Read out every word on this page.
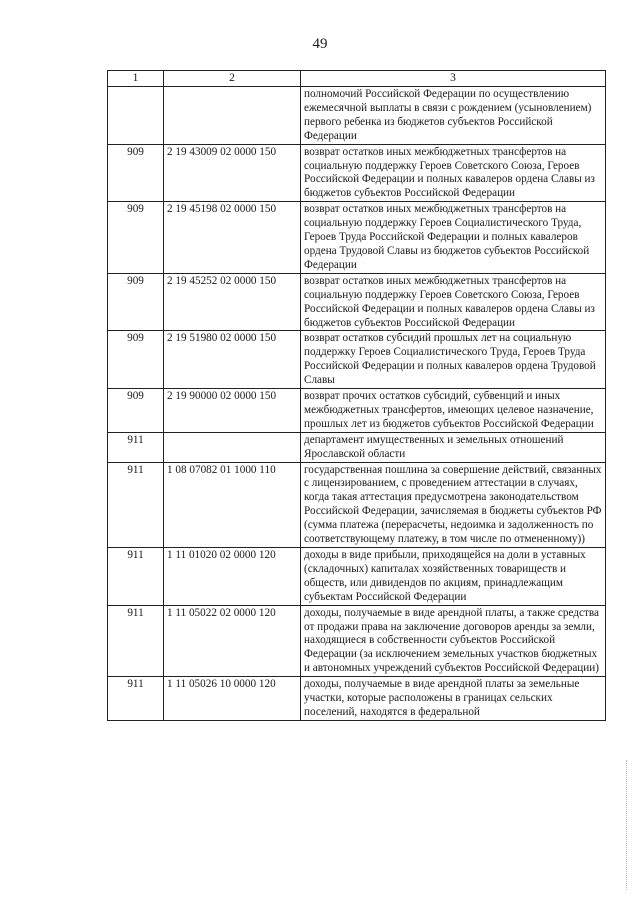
49
1	2	3
		полномочий Российской Федерации по осуществлению ежемесячной выплаты в связи с рождением (усыновлением) первого ребенка из бюджетов субъектов Российской Федерации
909	2 19 43009 02 0000 150	возврат остатков иных межбюджетных трансфертов на социальную поддержку Героев Советского Союза, Героев Российской Федерации и полных кавалеров ордена Славы из бюджетов субъектов Российской Федерации
909	2 19 45198 02 0000 150	возврат остатков иных межбюджетных трансфертов на социальную поддержку Героев Социалистического Труда, Героев Труда Российской Федерации и полных кавалеров ордена Трудовой Славы из бюджетов субъектов Российской Федерации
909	2 19 45252 02 0000 150	возврат остатков иных межбюджетных трансфертов на социальную поддержку Героев Советского Союза, Героев Российской Федерации и полных кавалеров ордена Славы из бюджетов субъектов Российской Федерации
909	2 19 51980 02 0000 150	возврат остатков субсидий прошлых лет на социальную поддержку Героев Социалистического Труда, Героев Труда Российской Федерации и полных кавалеров ордена Трудовой Славы
909	2 19 90000 02 0000 150	возврат прочих остатков субсидий, субвенций и иных межбюджетных трансфертов, имеющих целевое назначение, прошлых лет из бюджетов субъектов Российской Федерации
911		департамент имущественных и земельных отношений Ярославской области
911	1 08 07082 01 1000 110	государственная пошлина за совершение действий, связанных с лицензированием, с проведением аттестации в случаях, когда такая аттестация предусмотрена законодательством Российской Федерации, зачисляемая в бюджеты субъектов РФ (сумма платежа (перерасчеты, недоимка и задолженность по соответствующему платежу, в том числе по отмененному))
911	1 11 01020 02 0000 120	доходы в виде прибыли, приходящейся на доли в уставных (складочных) капиталах хозяйственных товариществ и обществ, или дивидендов по акциям, принадлежащим субъектам Российской Федерации
911	1 11 05022 02 0000 120	доходы, получаемые в виде арендной платы, а также средства от продажи права на заключение договоров аренды за земли, находящиеся в собственности субъектов Российской Федерации (за исключением земельных участков бюджетных и автономных учреждений субъектов Российской Федерации)
911	1 11 05026 10 0000 120	доходы, получаемые в виде арендной платы за земельные участки, которые расположены в границах сельских поселений, находятся в федеральной
